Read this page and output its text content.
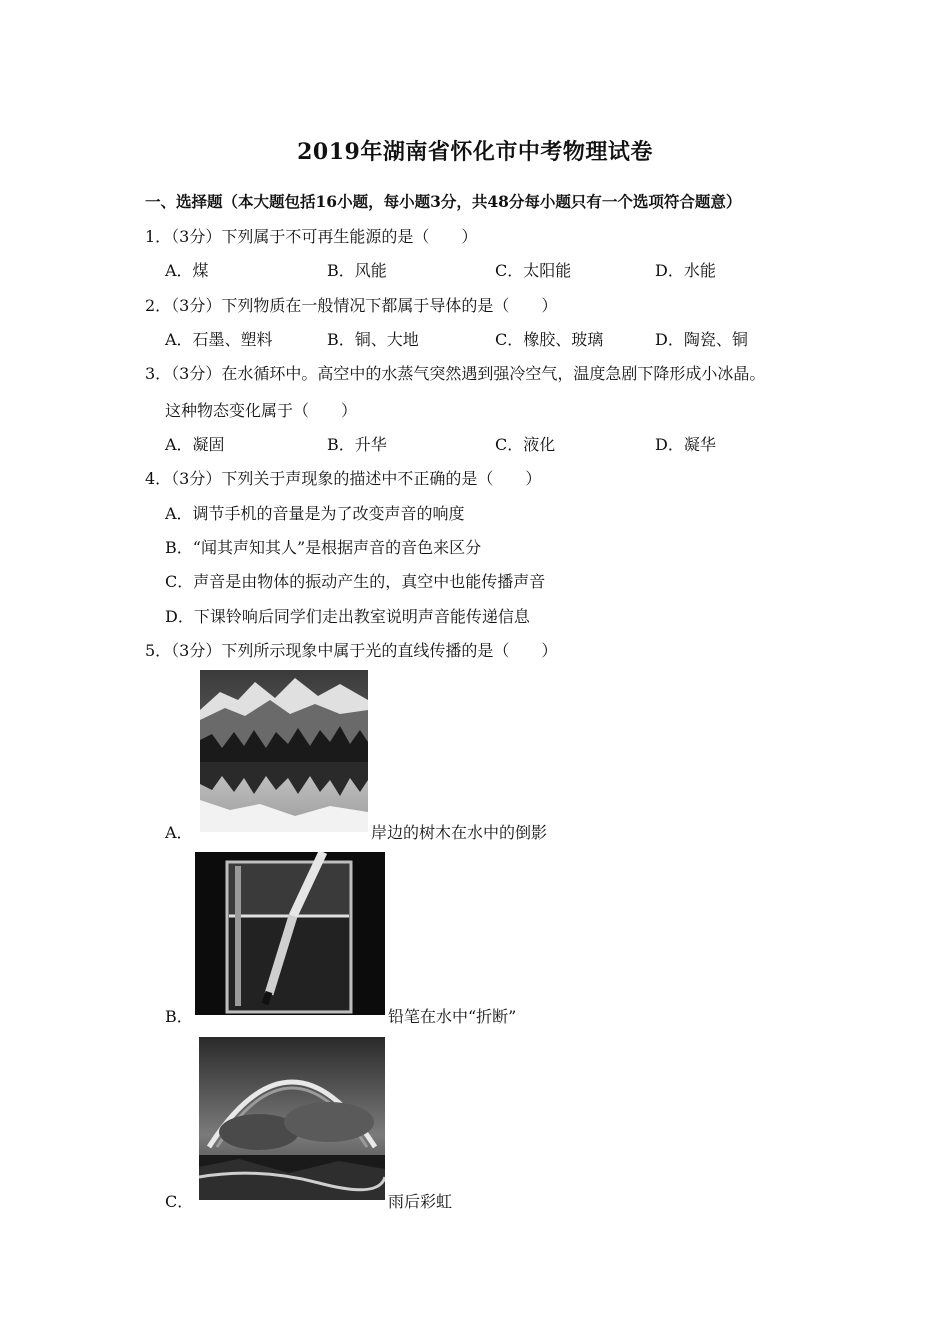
2019年湖南省怀化市中考物理试卷
一、选择题（本大题包括16小题，每小题3分，共48分每小题只有一个选项符合题意）
1．（3分）下列属于不可再生能源的是（　　）
A．煤	B．风能	C．太阳能	D．水能
2．（3分）下列物质在一般情况下都属于导体的是（　　）
A．石墨、塑料	B．铜、大地	C．橡胶、玻璃	D．陶瓷、铜
3．（3分）在水循环中。高空中的水蒸气突然遇到强冷空气，温度急剧下降形成小冰晶。
这种物态变化属于（　　）
A．凝固	B．升华	C．液化	D．凝华
4．（3分）下列关于声现象的描述中不正确的是（　　）
A．调节手机的音量是为了改变声音的响度
B．“闻其声知其人”是根据声音的音色来区分
C．声音是由物体的振动产生的，真空中也能传播声音
D．下课铃响后同学们走出教室说明声音能传递信息
5．（3分）下列所示现象中属于光的直线传播的是（　　）
A．	岸边的树木在水中的倒影
B．	铅笔在水中“折断”
C．	雨后彩虹
